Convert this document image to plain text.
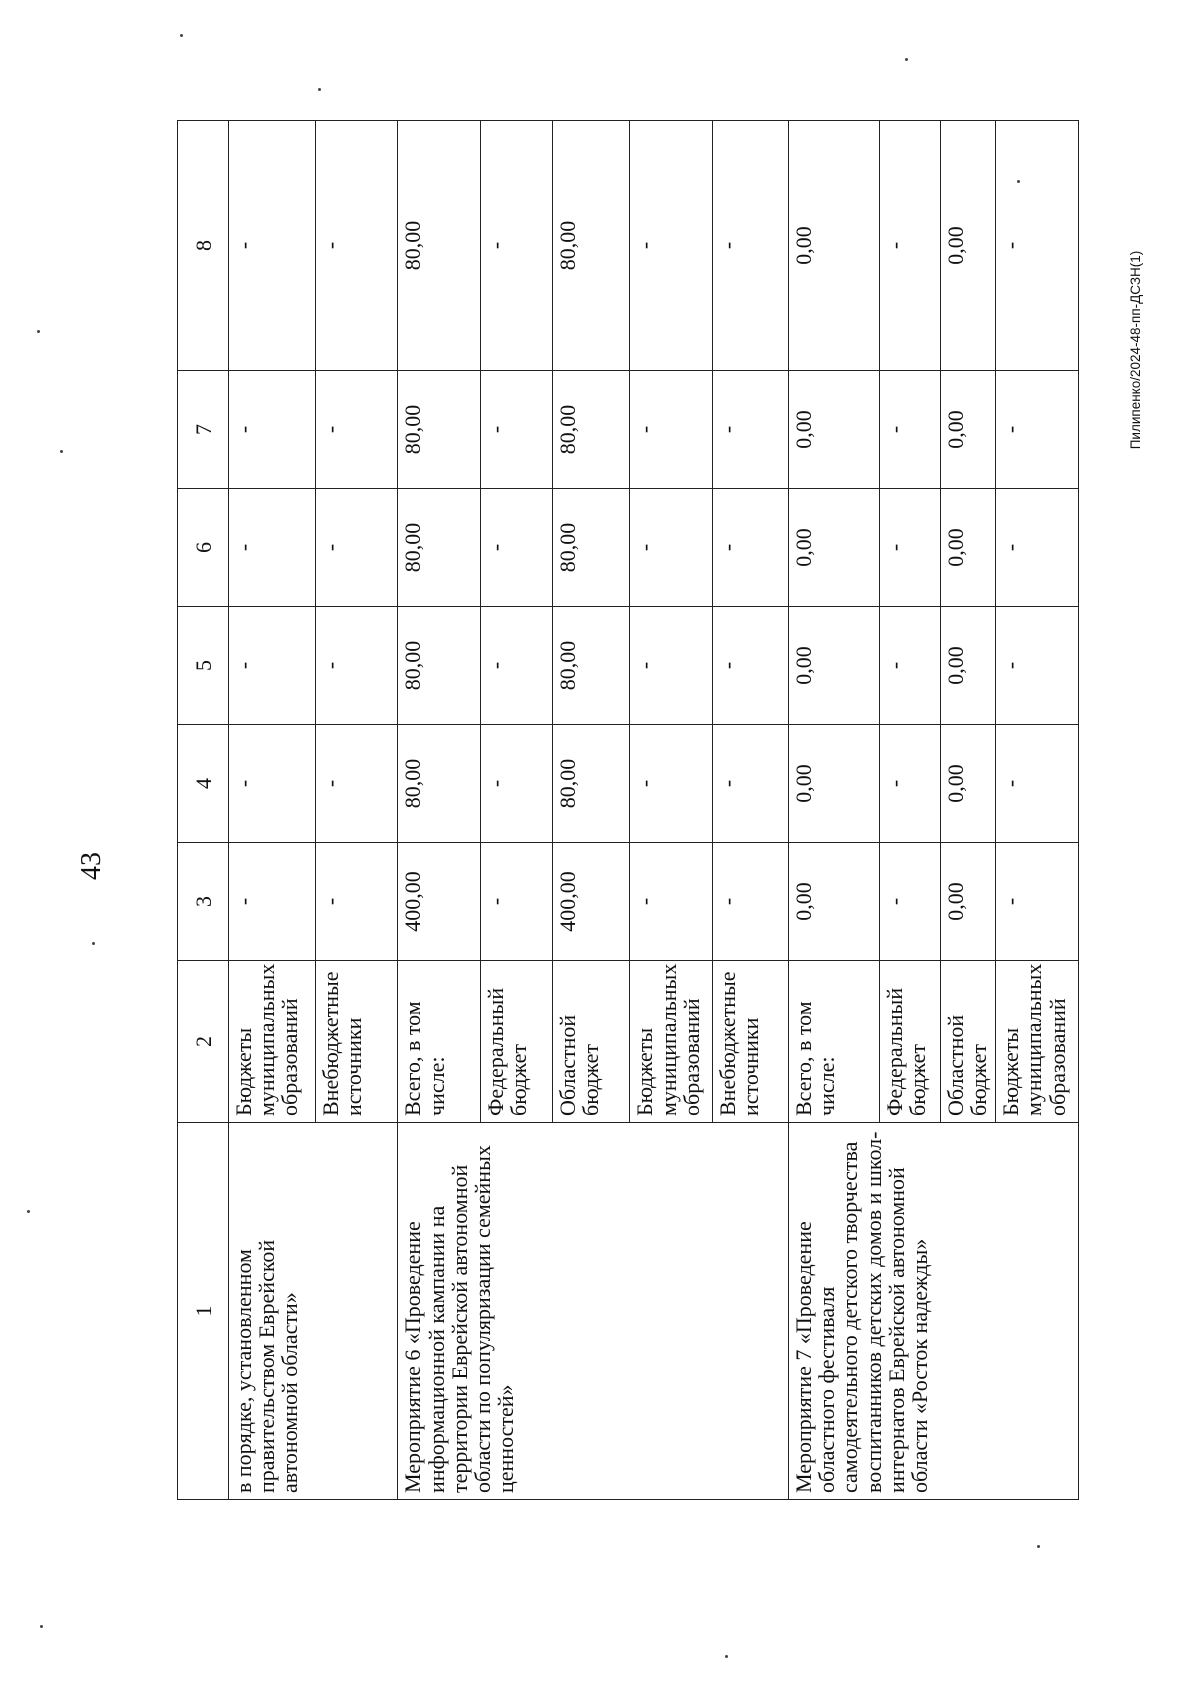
43
Пилипенко/2024-48-пп-ДСЗН(1)
1	2	3	4	5	6	7	8
в порядке, установленном правительством Еврейской автономной области»	Бюджеты муниципальных образований	-	-	-	-	-	-
	Внебюджетные источники	-	-	-	-	-	-
Мероприятие 6 «Проведение информационной кампании на территории Еврейской автономной области по популяризации семейных ценностей»	Всего, в том числе:	400,00	80,00	80,00	80,00	80,00	80,00
	Федеральный бюджет	-	-	-	-	-	-
	Областной бюджет	400,00	80,00	80,00	80,00	80,00	80,00
	Бюджеты муниципальных образований	-	-	-	-	-	-
	Внебюджетные источники	-	-	-	-	-	-
Мероприятие 7 «Проведение областного фестиваля самодеятельного детского творчества воспитанников детских домов и школ-интернатов Еврейской автономной области «Росток надежды»	Всего, в том числе:	0,00	0,00	0,00	0,00	0,00	0,00
	Федеральный бюджет	-	-	-	-	-	-
	Областной бюджет	0,00	0,00	0,00	0,00	0,00	0,00
	Бюджеты муниципальных образований	-	-	-	-	-	-
